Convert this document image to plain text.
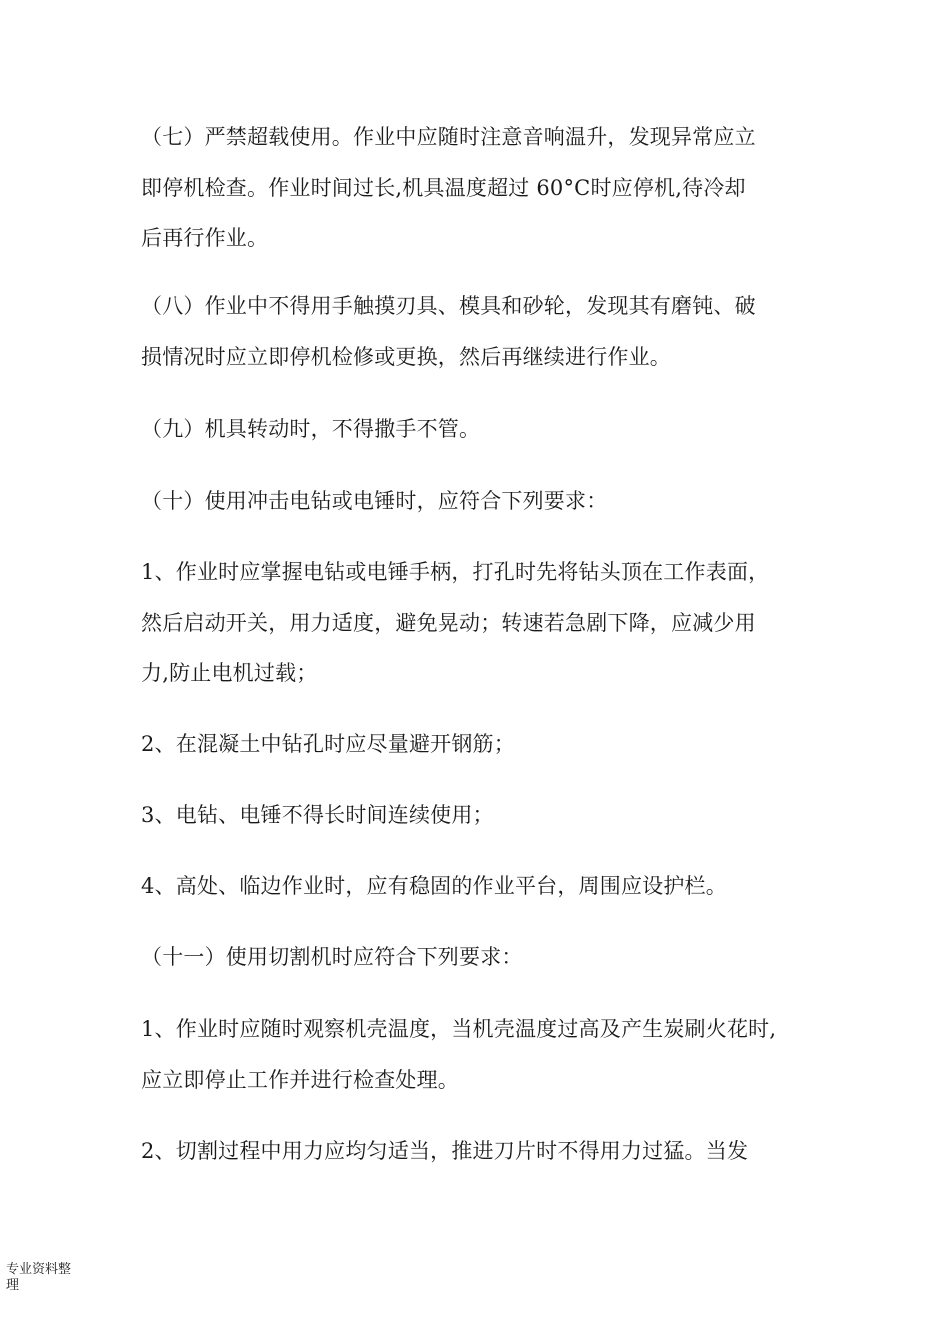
（七）严禁超载使用。作业中应随时注意音响温升，发现异常应立
即停机检查。作业时间过长,机具温度超过 60°C时应停机,待冷却
后再行作业。
（八）作业中不得用手触摸刃具、模具和砂轮，发现其有磨钝、破
损情况时应立即停机检修或更换，然后再继续进行作业。
（九）机具转动时，不得撒手不管。
（十）使用冲击电钻或电锤时，应符合下列要求：
1、作业时应掌握电钻或电锤手柄，打孔时先将钻头顶在工作表面，
然后启动开关，用力适度，避免晃动；转速若急剧下降，应减少用
力,防止电机过载；
2、在混凝土中钻孔时应尽量避开钢筋；
3、电钻、电锤不得长时间连续使用；
4、高处、临边作业时，应有稳固的作业平台，周围应设护栏。
（十一）使用切割机时应符合下列要求：
1、作业时应随时观察机壳温度，当机壳温度过高及产生炭刷火花时,
应立即停止工作并进行检查处理。
2、切割过程中用力应均匀适当，推进刀片时不得用力过猛。当发
专业资料整
理
